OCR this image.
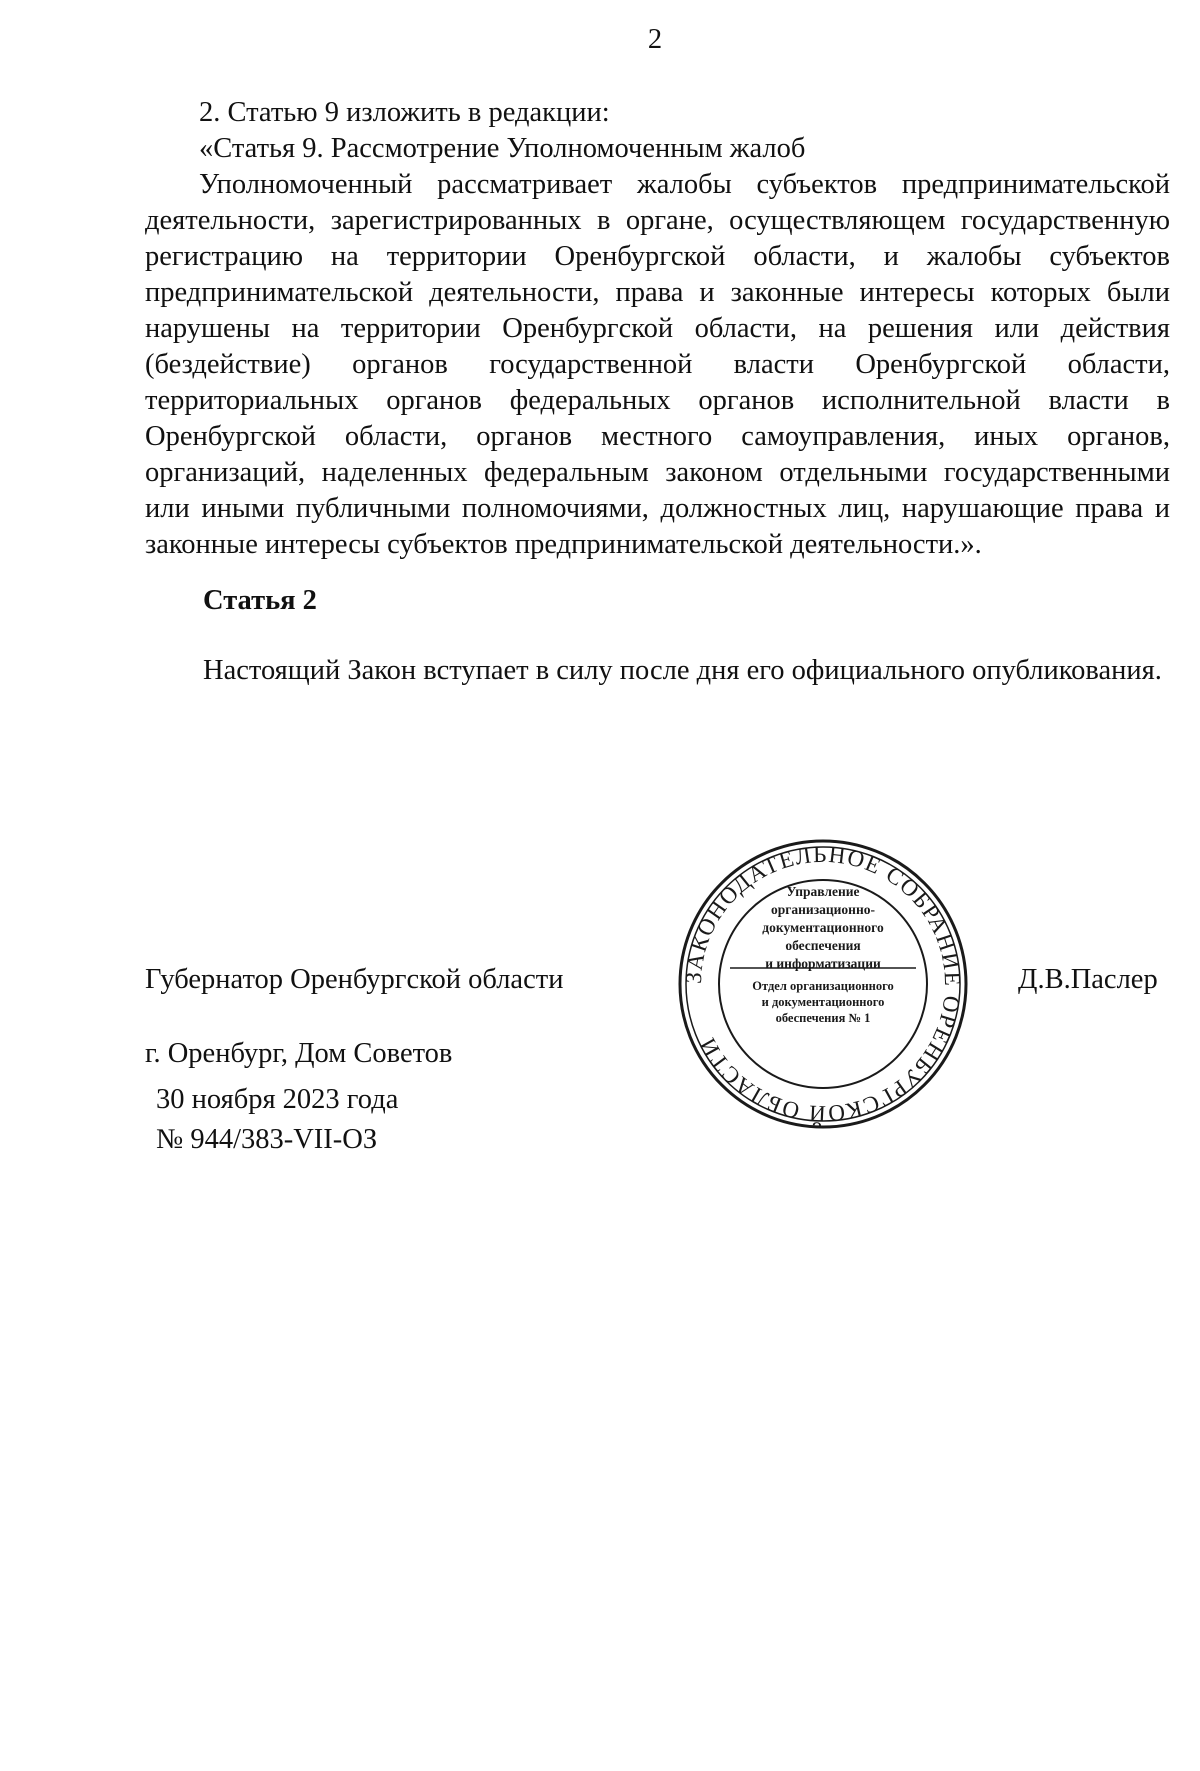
2

2. Статью 9 изложить в редакции:

«Статья 9. Рассмотрение Уполномоченным жалоб

Уполномоченный рассматривает жалобы субъектов предпринимательской деятельности, зарегистрированных в органе, осуществляющем государственную регистрацию на территории Оренбургской области, и жалобы субъектов предпринимательской деятельности, права и законные интересы которых были нарушены на территории Оренбургской области, на решения или действия (бездействие) органов государственной власти Оренбургской области, территориальных органов федеральных органов исполнительной власти в Оренбургской области, органов местного самоуправления, иных органов, организаций, наделенных федеральным законом отдельными государственными или иными публичными полномочиями, должностных лиц, нарушающие права и законные интересы субъектов предпринимательской деятельности.».

Статья 2

Настоящий Закон вступает в силу после дня его официального опубликования.

Губернатор Оренбургской области	Д.В.Паслер
г. Оренбург, Дом Советов
30 ноября 2023 года
№ 944/383-VII-ОЗ
ЗАКОНОДАТЕЛЬНОЕ СОБРАНИЕ ОРЕНБУРГСКОЙ ОБЛАСТИ
Управление
организационно-
документационного
обеспечения
и информатизации
Отдел организационного
и документационного
обеспечения № 1
